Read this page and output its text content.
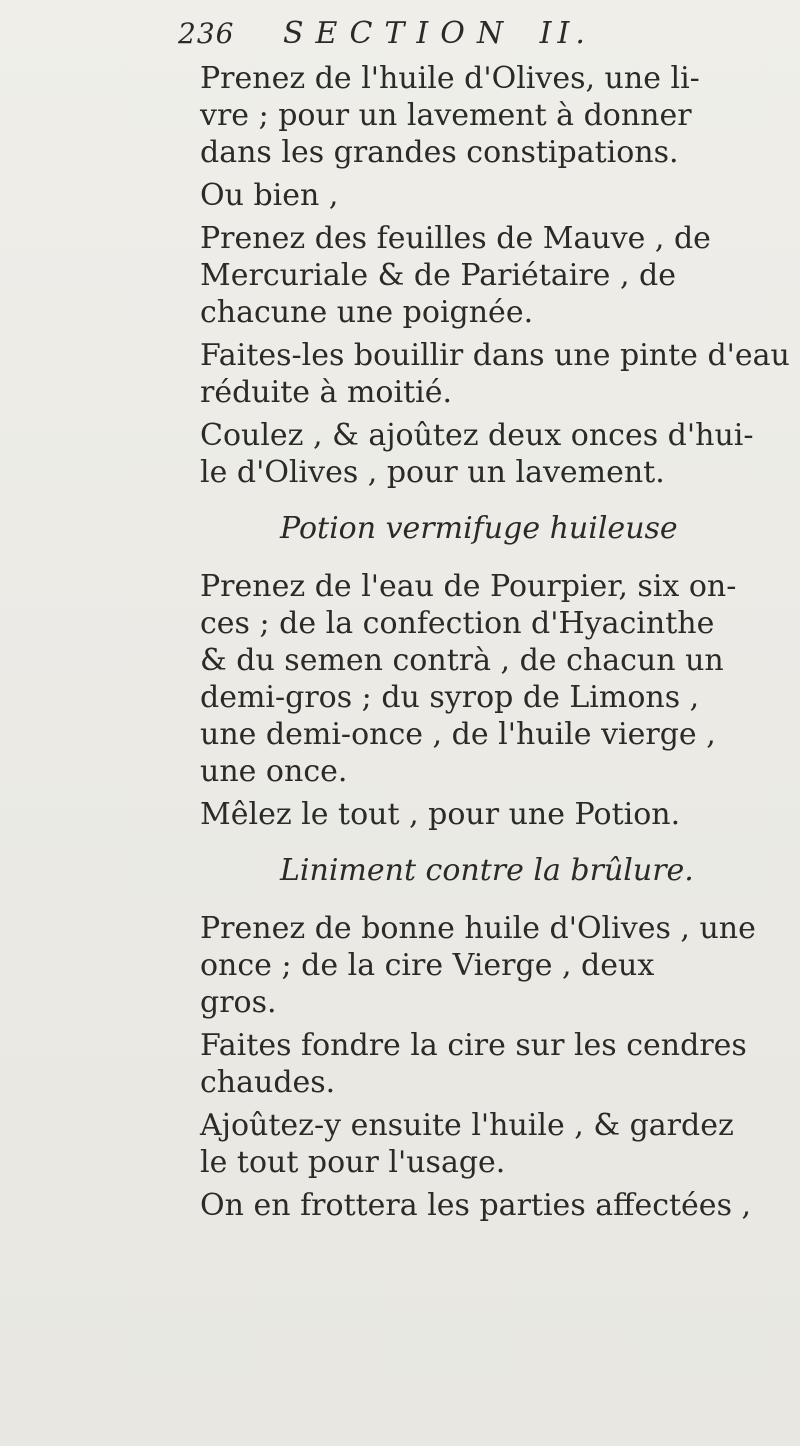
236 SECTION II.
Prenez de l'huile d'Olives, une li-
vre ; pour un lavement à donner
dans les grandes constipations.
Ou bien ,
Prenez des feuilles de Mauve , de
Mercuriale & de Pariétaire , de
chacune une poignée.
Faites-les bouillir dans une pinte d'eau
réduite à moitié.
Coulez , & ajoûtez deux onces d'hui-
le d'Olives , pour un lavement.
Potion vermifuge huileuse
Prenez de l'eau de Pourpier, six on-
ces ; de la confection d'Hyacinthe
& du semen contrà , de chacun un
demi-gros ; du syrop de Limons ,
une demi-once , de l'huile vierge ,
une once.
Mêlez le tout , pour une Potion.
Liniment contre la brûlure.
Prenez de bonne huile d'Olives , une
once ; de la cire Vierge , deux
gros.
Faites fondre la cire sur les cendres
chaudes.
Ajoûtez-y ensuite l'huile , & gardez
le tout pour l'usage.
On en frottera les parties affectées ,
